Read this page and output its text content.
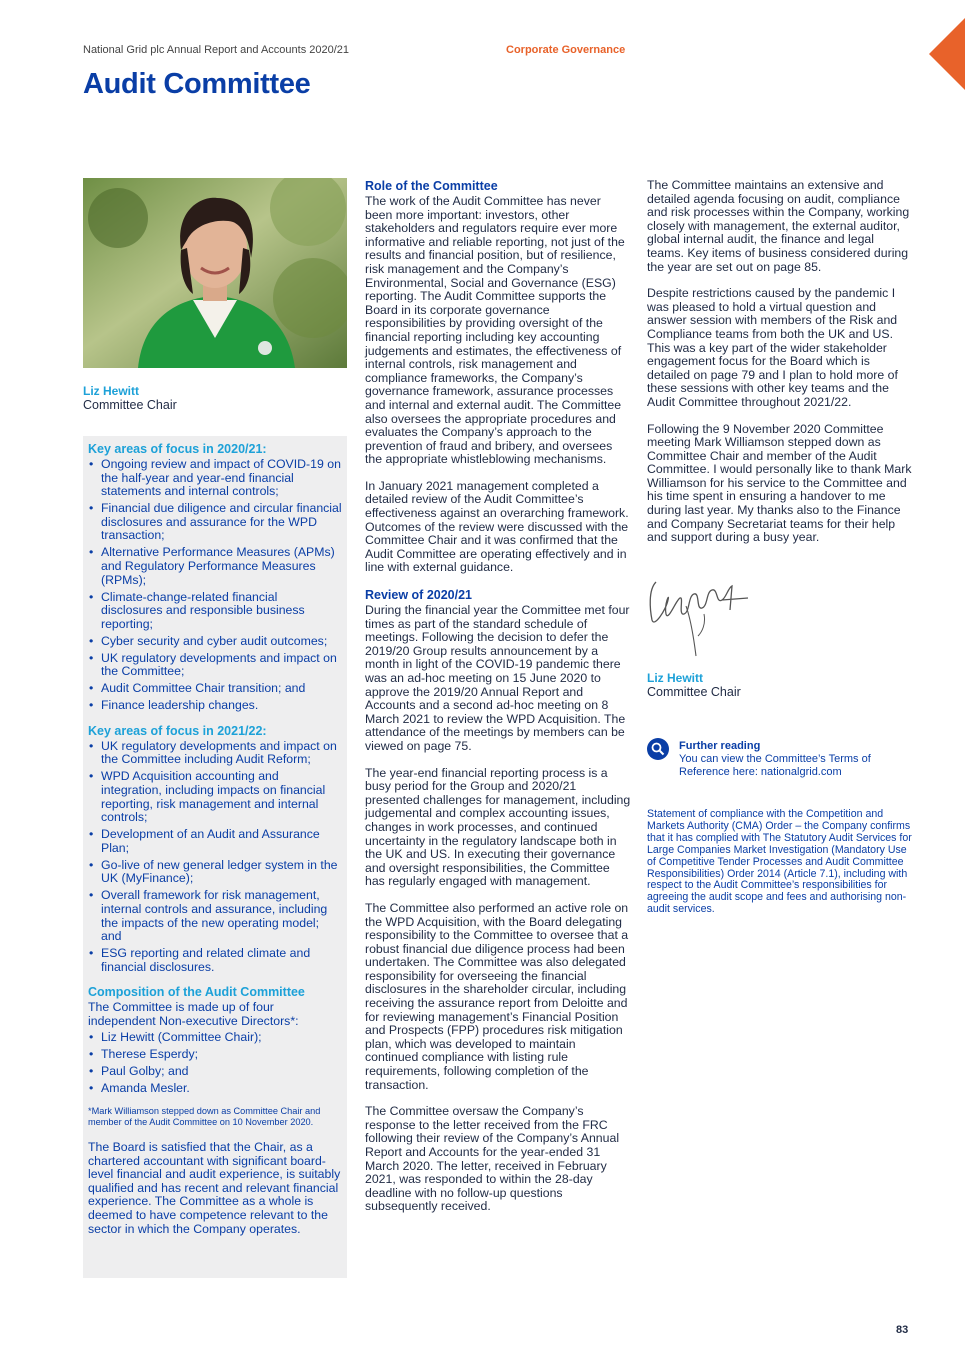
National Grid plc Annual Report and Accounts 2020/21	Corporate Governance
Audit Committee
Liz Hewitt
Committee Chair
Key areas of focus in 2020/21:
• Ongoing review and impact of COVID-19 on the half-year and year-end financial statements and internal controls;
• Financial due diligence and circular financial disclosures and assurance for the WPD transaction;
• Alternative Performance Measures (APMs) and Regulatory Performance Measures (RPMs);
• Climate-change-related financial disclosures and responsible business reporting;
• Cyber security and cyber audit outcomes;
• UK regulatory developments and impact on the Committee;
• Audit Committee Chair transition; and
• Finance leadership changes.
Key areas of focus in 2021/22:
• UK regulatory developments and impact on the Committee including Audit Reform;
• WPD Acquisition accounting and integration, including impacts on financial reporting, risk management and internal controls;
• Development of an Audit and Assurance Plan;
• Go-live of new general ledger system in the UK (MyFinance);
• Overall framework for risk management, internal controls and assurance, including the impacts of the new operating model; and
• ESG reporting and related climate and financial disclosures.
Composition of the Audit Committee

The Committee is made up of four independent Non-executive Directors*:

• Liz Hewitt (Committee Chair);
• Therese Esperdy;
• Paul Golby; and
• Amanda Mesler.

*Mark Williamson stepped down as Committee Chair and member of the Audit Committee on 10 November 2020.

The Board is satisfied that the Chair, as a chartered accountant with significant board-level financial and audit experience, is suitably qualified and has recent and relevant financial experience. The Committee as a whole is deemed to have competence relevant to the sector in which the Company operates.

Role of the Committee

The work of the Audit Committee has never been more important: investors, other stakeholders and regulators require ever more informative and reliable reporting, not just of the results and financial position, but of resilience, risk management and the Company’s Environmental, Social and Governance (ESG) reporting. The Audit Committee supports the Board in its corporate governance responsibilities by providing oversight of the financial reporting including key accounting judgements and estimates, the effectiveness of internal controls, risk management and compliance frameworks, the Company’s governance framework, assurance processes and internal and external audit. The Committee also oversees the appropriate procedures and evaluates the Company’s approach to the prevention of fraud and bribery, and oversees the appropriate whistleblowing mechanisms.

In January 2021 management completed a detailed review of the Audit Committee’s effectiveness against an overarching framework. Outcomes of the review were discussed with the Committee Chair and it was confirmed that the Audit Committee are operating effectively and in line with external guidance.

Review of 2020/21

During the financial year the Committee met four times as part of the standard schedule of meetings. Following the decision to defer the 2019/20 Group results announcement by a month in light of the COVID-19 pandemic there was an ad-hoc meeting on 15 June 2020 to approve the 2019/20 Annual Report and Accounts and a second ad-hoc meeting on 8 March 2021 to review the WPD Acquisition. The attendance of the meetings by members can be viewed on page 75.

The year-end financial reporting process is a busy period for the Group and 2020/21 presented challenges for management, including judgemental and complex accounting issues, changes in work processes, and continued uncertainty in the regulatory landscape both in the UK and US. In executing their governance and oversight responsibilities, the Committee has regularly engaged with management.

The Committee also performed an active role on the WPD Acquisition, with the Board delegating responsibility to the Committee to oversee that a robust financial due diligence process had been undertaken. The Committee was also delegated responsibility for overseeing the financial disclosures in the shareholder circular, including receiving the assurance report from Deloitte and for reviewing management’s Financial Position and Prospects (FPP) procedures risk mitigation plan, which was developed to maintain continued compliance with listing rule requirements, following completion of the transaction.

The Committee oversaw the Company’s response to the letter received from the FRC following their review of the Company’s Annual Report and Accounts for the year-ended 31 March 2020. The letter, received in February 2021, was responded to within the 28-day deadline with no follow-up questions subsequently received.

The Committee maintains an extensive and detailed agenda focusing on audit, compliance and risk processes within the Company, working closely with management, the external auditor, global internal audit, the finance and legal teams. Key items of business considered during the year are set out on page 85.

Despite restrictions caused by the pandemic I was pleased to hold a virtual question and answer session with members of the Risk and Compliance teams from both the UK and US. This was a key part of the wider stakeholder engagement focus for the Board which is detailed on page 79 and I plan to hold more of these sessions with other key teams and the Audit Committee throughout 2021/22.

Following the 9 November 2020 Committee meeting Mark Williamson stepped down as Committee Chair and member of the Audit Committee. I would personally like to thank Mark Williamson for his service to the Committee and his time spent in ensuring a handover to me during last year. My thanks also to the Finance and Company Secretariat teams for their help and support during a busy year.

Liz Hewitt
Committee Chair
Further reading
You can view the Committee’s Terms of Reference here: nationalgrid.com
Statement of compliance with the Competition and Markets Authority (CMA) Order – the Company confirms that it has complied with The Statutory Audit Services for Large Companies Market Investigation (Mandatory Use of Competitive Tender Processes and Audit Committee Responsibilities) Order 2014 (Article 7.1), including with respect to the Audit Committee’s responsibilities for agreeing the audit scope and fees and authorising non-audit services.
83
